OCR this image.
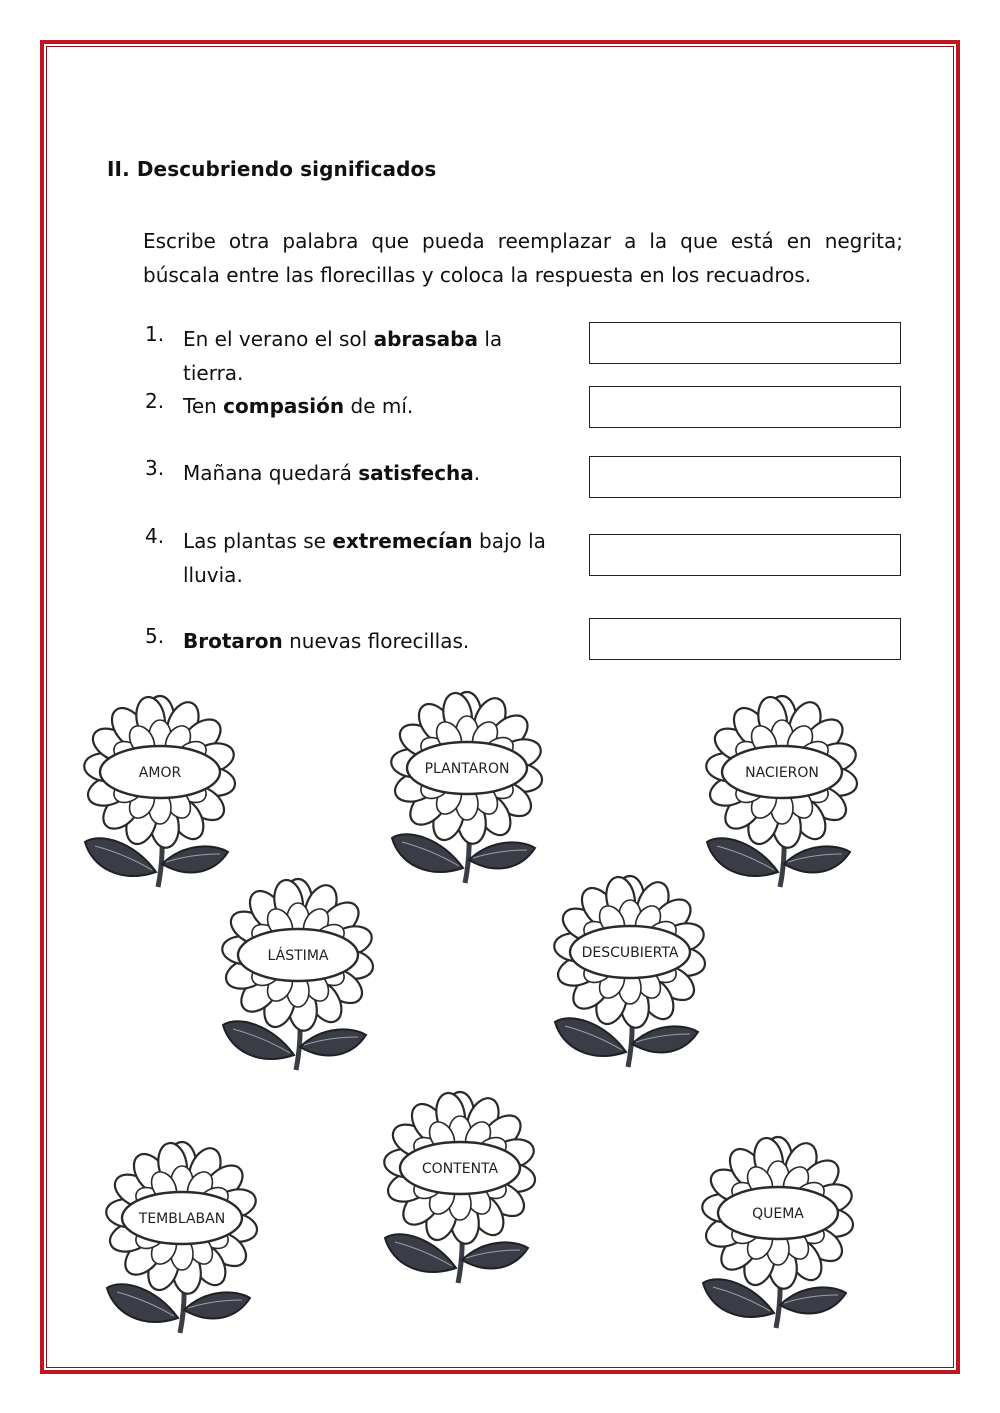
II. Descubriendo significados
Escribe otra palabra que pueda reemplazar a la que está en negrita; búscala entre las florecillas y coloca la respuesta en los recuadros.
1. En el verano el sol abrasaba la tierra.
2. Ten compasión de mí.
3. Mañana quedará satisfecha.
4. Las plantas se extremecían bajo la lluvia.
5. Brotaron nuevas florecillas.
AMOR	PLANTARON	NACIERON
LÁSTIMA	DESCUBIERTA
TEMBLABAN
CONTENTA
QUEMA
